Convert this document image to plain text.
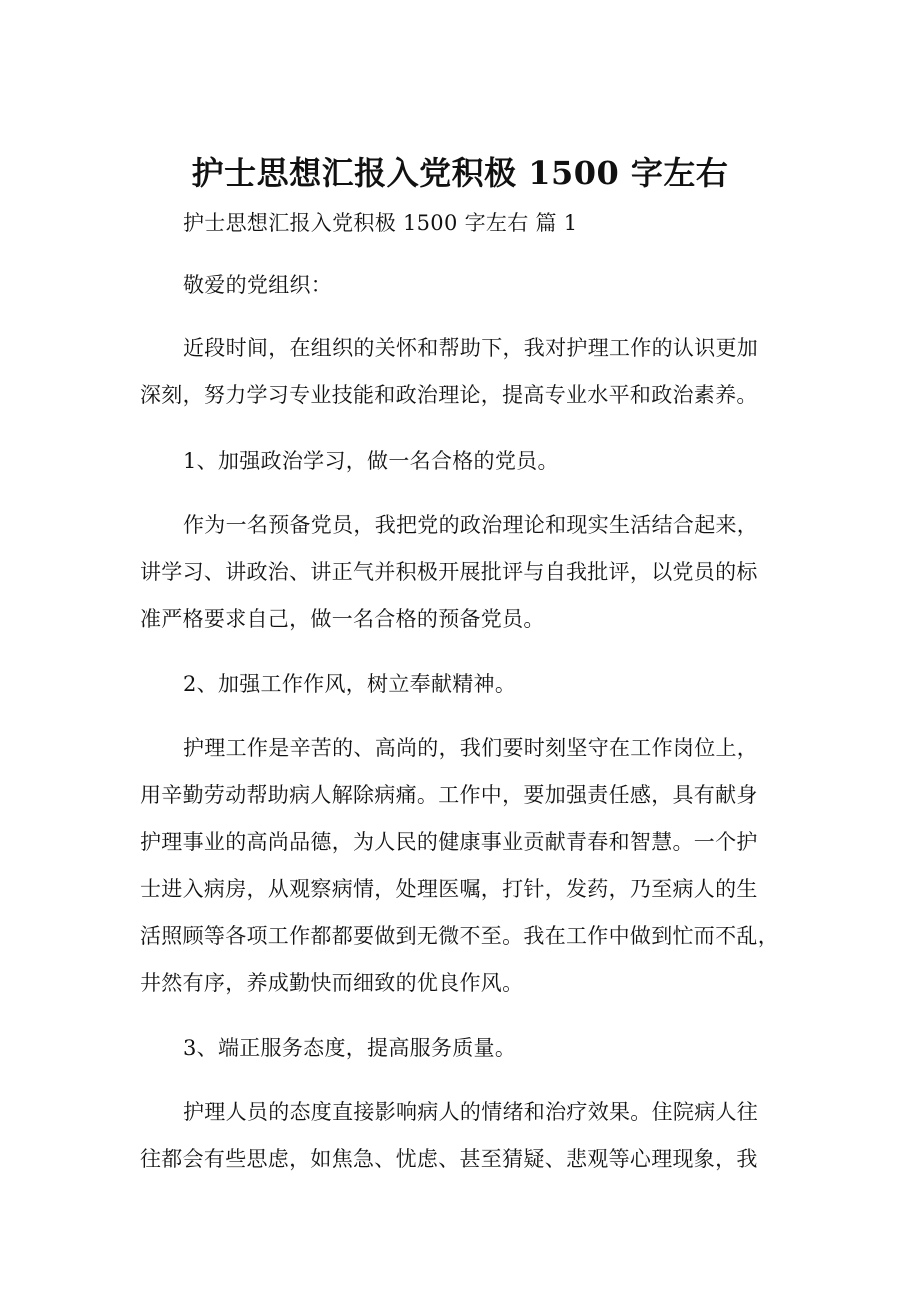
护士思想汇报入党积极 1500 字左右
护士思想汇报入党积极 1500 字左右 篇 1
敬爱的党组织：
近段时间，在组织的关怀和帮助下，我对护理工作的认识更加
深刻，努力学习专业技能和政治理论，提高专业水平和政治素养。
1、加强政治学习，做一名合格的党员。
作为一名预备党员，我把党的政治理论和现实生活结合起来，
讲学习、讲政治、讲正气并积极开展批评与自我批评，以党员的标
准严格要求自己，做一名合格的预备党员。
2、加强工作作风，树立奉献精神。
护理工作是辛苦的、高尚的，我们要时刻坚守在工作岗位上，
用辛勤劳动帮助病人解除病痛。工作中，要加强责任感，具有献身
护理事业的高尚品德，为人民的健康事业贡献青春和智慧。一个护
士进入病房，从观察病情，处理医嘱，打针，发药，乃至病人的生
活照顾等各项工作都都要做到无微不至。我在工作中做到忙而不乱，
井然有序，养成勤快而细致的优良作风。
3、端正服务态度，提高服务质量。
护理人员的态度直接影响病人的情绪和治疗效果。住院病人往
往都会有些思虑，如焦急、忧虑、甚至猜疑、悲观等心理现象，我
